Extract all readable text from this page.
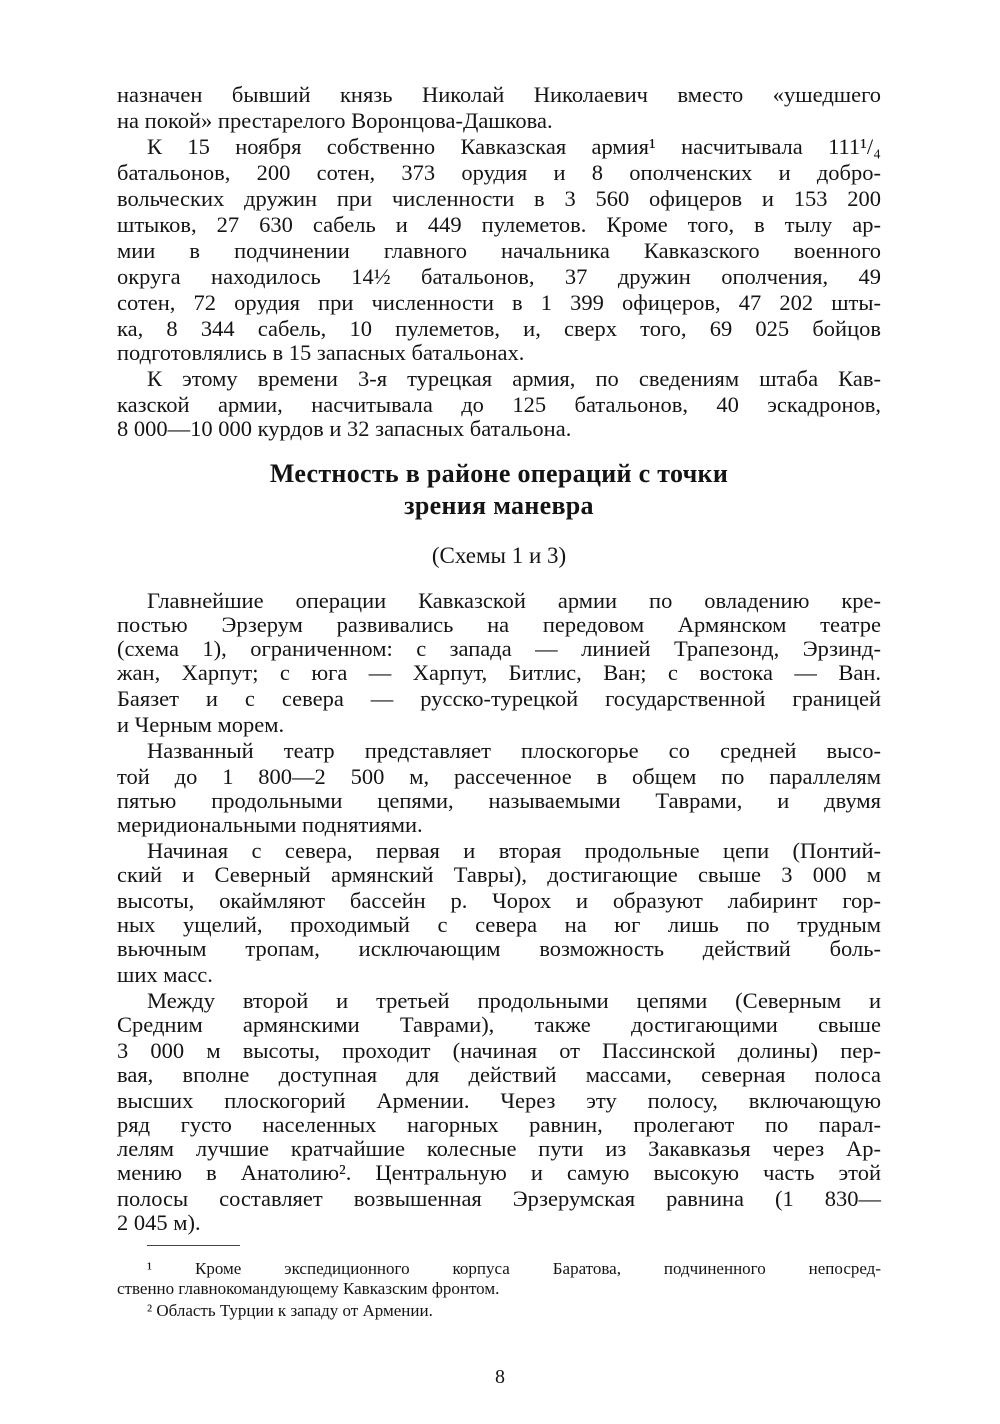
назначен бывший князь Николай Николаевич вместо «ушедшего
на покой» престарелого Воронцова-Дашкова.
К 15 ноября собственно Кавказская армия¹ насчитывала 111¹/₄
батальонов, 200 сотен, 373 орудия и 8 ополченских и добро-
вольческих дружин при численности в 3 560 офицеров и 153 200
штыков, 27 630 сабель и 449 пулеметов. Кроме того, в тылу ар-
мии в подчинении главного начальника Кавказского военного
округа находилось 14½ батальонов, 37 дружин ополчения, 49
сотен, 72 орудия при численности в 1 399 офицеров, 47 202 шты-
ка, 8 344 сабель, 10 пулеметов, и, сверх того, 69 025 бойцов
подготовлялись в 15 запасных батальонах.
К этому времени 3-я турецкая армия, по сведениям штаба Кав-
казской армии, насчитывала до 125 батальонов, 40 эскадронов,
8 000—10 000 курдов и 32 запасных батальона.
Местность в районе операций с точки
зрения маневра
(Схемы 1 и 3)
Главнейшие операции Кавказской армии по овладению кре-
постью Эрзерум развивались на передовом Армянском театре
(схема 1), ограниченном: с запада — линией Трапезонд, Эрзинд-
жан, Харпут; с юга — Харпут, Битлис, Ван; с востока — Ван.
Баязет и с севера — русско-турецкой государственной границей
и Черным морем.
Названный театр представляет плоскогорье со средней высо-
той до 1 800—2 500 м, рассеченное в общем по параллелям
пятью продольными цепями, называемыми Таврами, и двумя
меридиональными поднятиями.
Начиная с севера, первая и вторая продольные цепи (Понтий-
ский и Северный армянский Тавры), достигающие свыше 3 000 м
высоты, окаймляют бассейн р. Чорох и образуют лабиринт гор-
ных ущелий, проходимый с севера на юг лишь по трудным
вьючным тропам, исключающим возможность действий боль-
ших масс.
Между второй и третьей продольными цепями (Северным и
Средним армянскими Таврами), также достигающими свыше
3 000 м высоты, проходит (начиная от Пассинской долины) пер-
вая, вполне доступная для действий массами, северная полоса
высших плоскогорий Армении. Через эту полосу, включающую
ряд густо населенных нагорных равнин, пролегают по парал-
лелям лучшие кратчайшие колесные пути из Закавказья через Ар-
мению в Анатолию². Центральную и самую высокую часть этой
полосы составляет возвышенная Эрзерумская равнина (1 830—
2 045 м).
¹ Кроме экспедиционного корпуса Баратова, подчиненного непосред-
ственно главнокомандующему Кавказским фронтом.
² Область Турции к западу от Армении.
8
